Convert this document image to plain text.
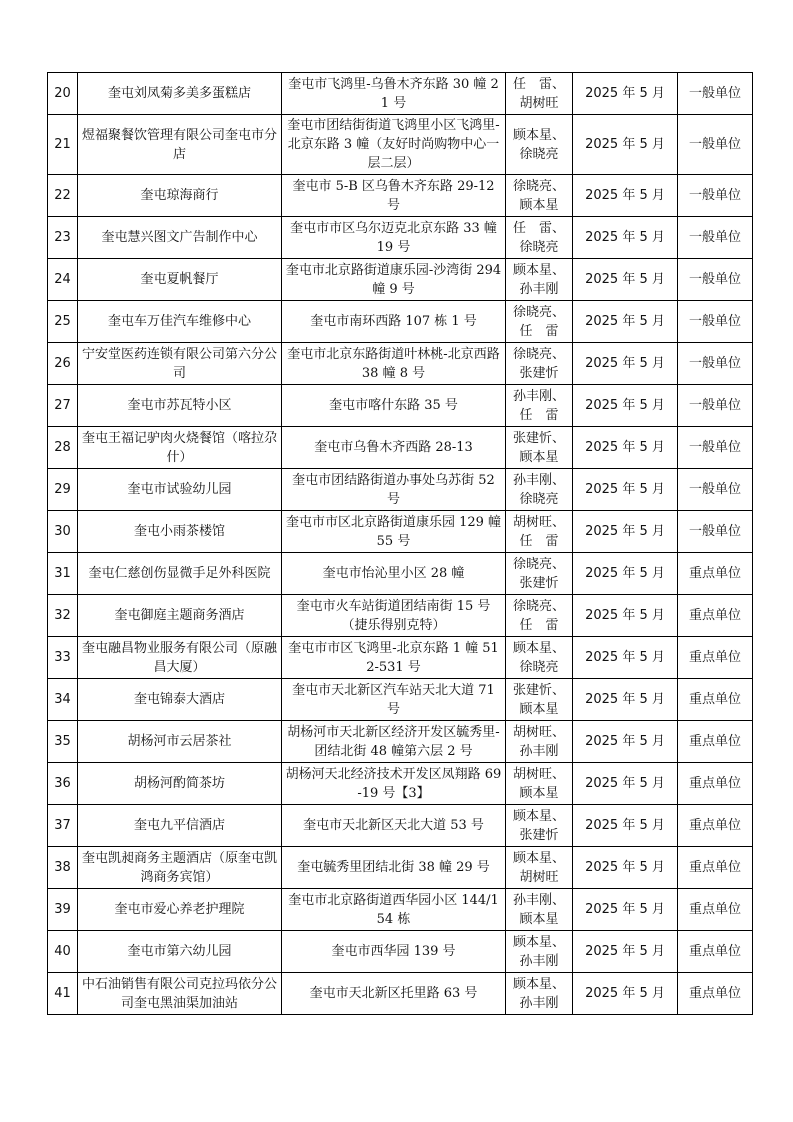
20	奎屯刘凤菊多美多蛋糕店	奎屯市飞鸿里-乌鲁木齐东路 30 幢 21 号	任　雷、胡树旺	2025 年 5 月	一般单位
21	煜福聚餐饮管理有限公司奎屯市分店	奎屯市团结街街道飞鸿里小区飞鸿里-北京东路 3 幢（友好时尚购物中心一层二层）	顾本星、徐晓亮	2025 年 5 月	一般单位
22	奎屯琼海商行	奎屯市 5-B 区乌鲁木齐东路 29-12 号	徐晓亮、顾本星	2025 年 5 月	一般单位
23	奎屯慧兴图文广告制作中心	奎屯市市区乌尔迈克北京东路 33 幢 19 号	任　雷、徐晓亮	2025 年 5 月	一般单位
24	奎屯夏帆餐厅	奎屯市北京路街道康乐园-沙湾街 294 幢 9 号	顾本星、孙丰刚	2025 年 5 月	一般单位
25	奎屯车万佳汽车维修中心	奎屯市南环西路 107 栋 1 号	徐晓亮、任　雷	2025 年 5 月	一般单位
26	宁安堂医药连锁有限公司第六分公司	奎屯市北京东路街道叶林桃-北京西路 38 幢 8 号	徐晓亮、张建忻	2025 年 5 月	一般单位
27	奎屯市苏瓦特小区	奎屯市喀什东路 35 号	孙丰刚、任　雷	2025 年 5 月	一般单位
28	奎屯王福记驴肉火烧餐馆（喀拉尕什）	奎屯市乌鲁木齐西路 28-13	张建忻、顾本星	2025 年 5 月	一般单位
29	奎屯市试验幼儿园	奎屯市团结路街道办事处乌苏街 52 号	孙丰刚、徐晓亮	2025 年 5 月	一般单位
30	奎屯小雨茶楼馆	奎屯市市区北京路街道康乐园 129 幢 55 号	胡树旺、任　雷	2025 年 5 月	一般单位
31	奎屯仁慈创伤显微手足外科医院	奎屯市怡沁里小区 28 幢	徐晓亮、张建忻	2025 年 5 月	重点单位
32	奎屯御庭主题商务酒店	奎屯市火车站街道团结南街 15 号（捷乐得别克特）	徐晓亮、任　雷	2025 年 5 月	重点单位
33	奎屯融昌物业服务有限公司（原融昌大厦）	奎屯市市区飞鸿里-北京东路 1 幢 512-531 号	顾本星、徐晓亮	2025 年 5 月	重点单位
34	奎屯锦泰大酒店	奎屯市天北新区汽车站天北大道 71 号	张建忻、顾本星	2025 年 5 月	重点单位
35	胡杨河市云居茶社	胡杨河市天北新区经济开发区毓秀里-团结北街 48 幢第六层 2 号	胡树旺、孙丰刚	2025 年 5 月	重点单位
36	胡杨河酌简茶坊	胡杨河天北经济技术开发区凤翔路 69-19 号【3】	胡树旺、顾本星	2025 年 5 月	重点单位
37	奎屯九平信酒店	奎屯市天北新区天北大道 53 号	顾本星、张建忻	2025 年 5 月	重点单位
38	奎屯凯昶商务主题酒店（原奎屯凯鸿商务宾馆）	奎屯毓秀里团结北街 38 幢 29 号	顾本星、胡树旺	2025 年 5 月	重点单位
39	奎屯市爱心养老护理院	奎屯市北京路街道西华园小区 144/154 栋	孙丰刚、顾本星	2025 年 5 月	重点单位
40	奎屯市第六幼儿园	奎屯市西华园 139 号	顾本星、孙丰刚	2025 年 5 月	重点单位
41	中石油销售有限公司克拉玛依分公司奎屯黑油渠加油站	奎屯市天北新区托里路 63 号	顾本星、孙丰刚	2025 年 5 月	重点单位
